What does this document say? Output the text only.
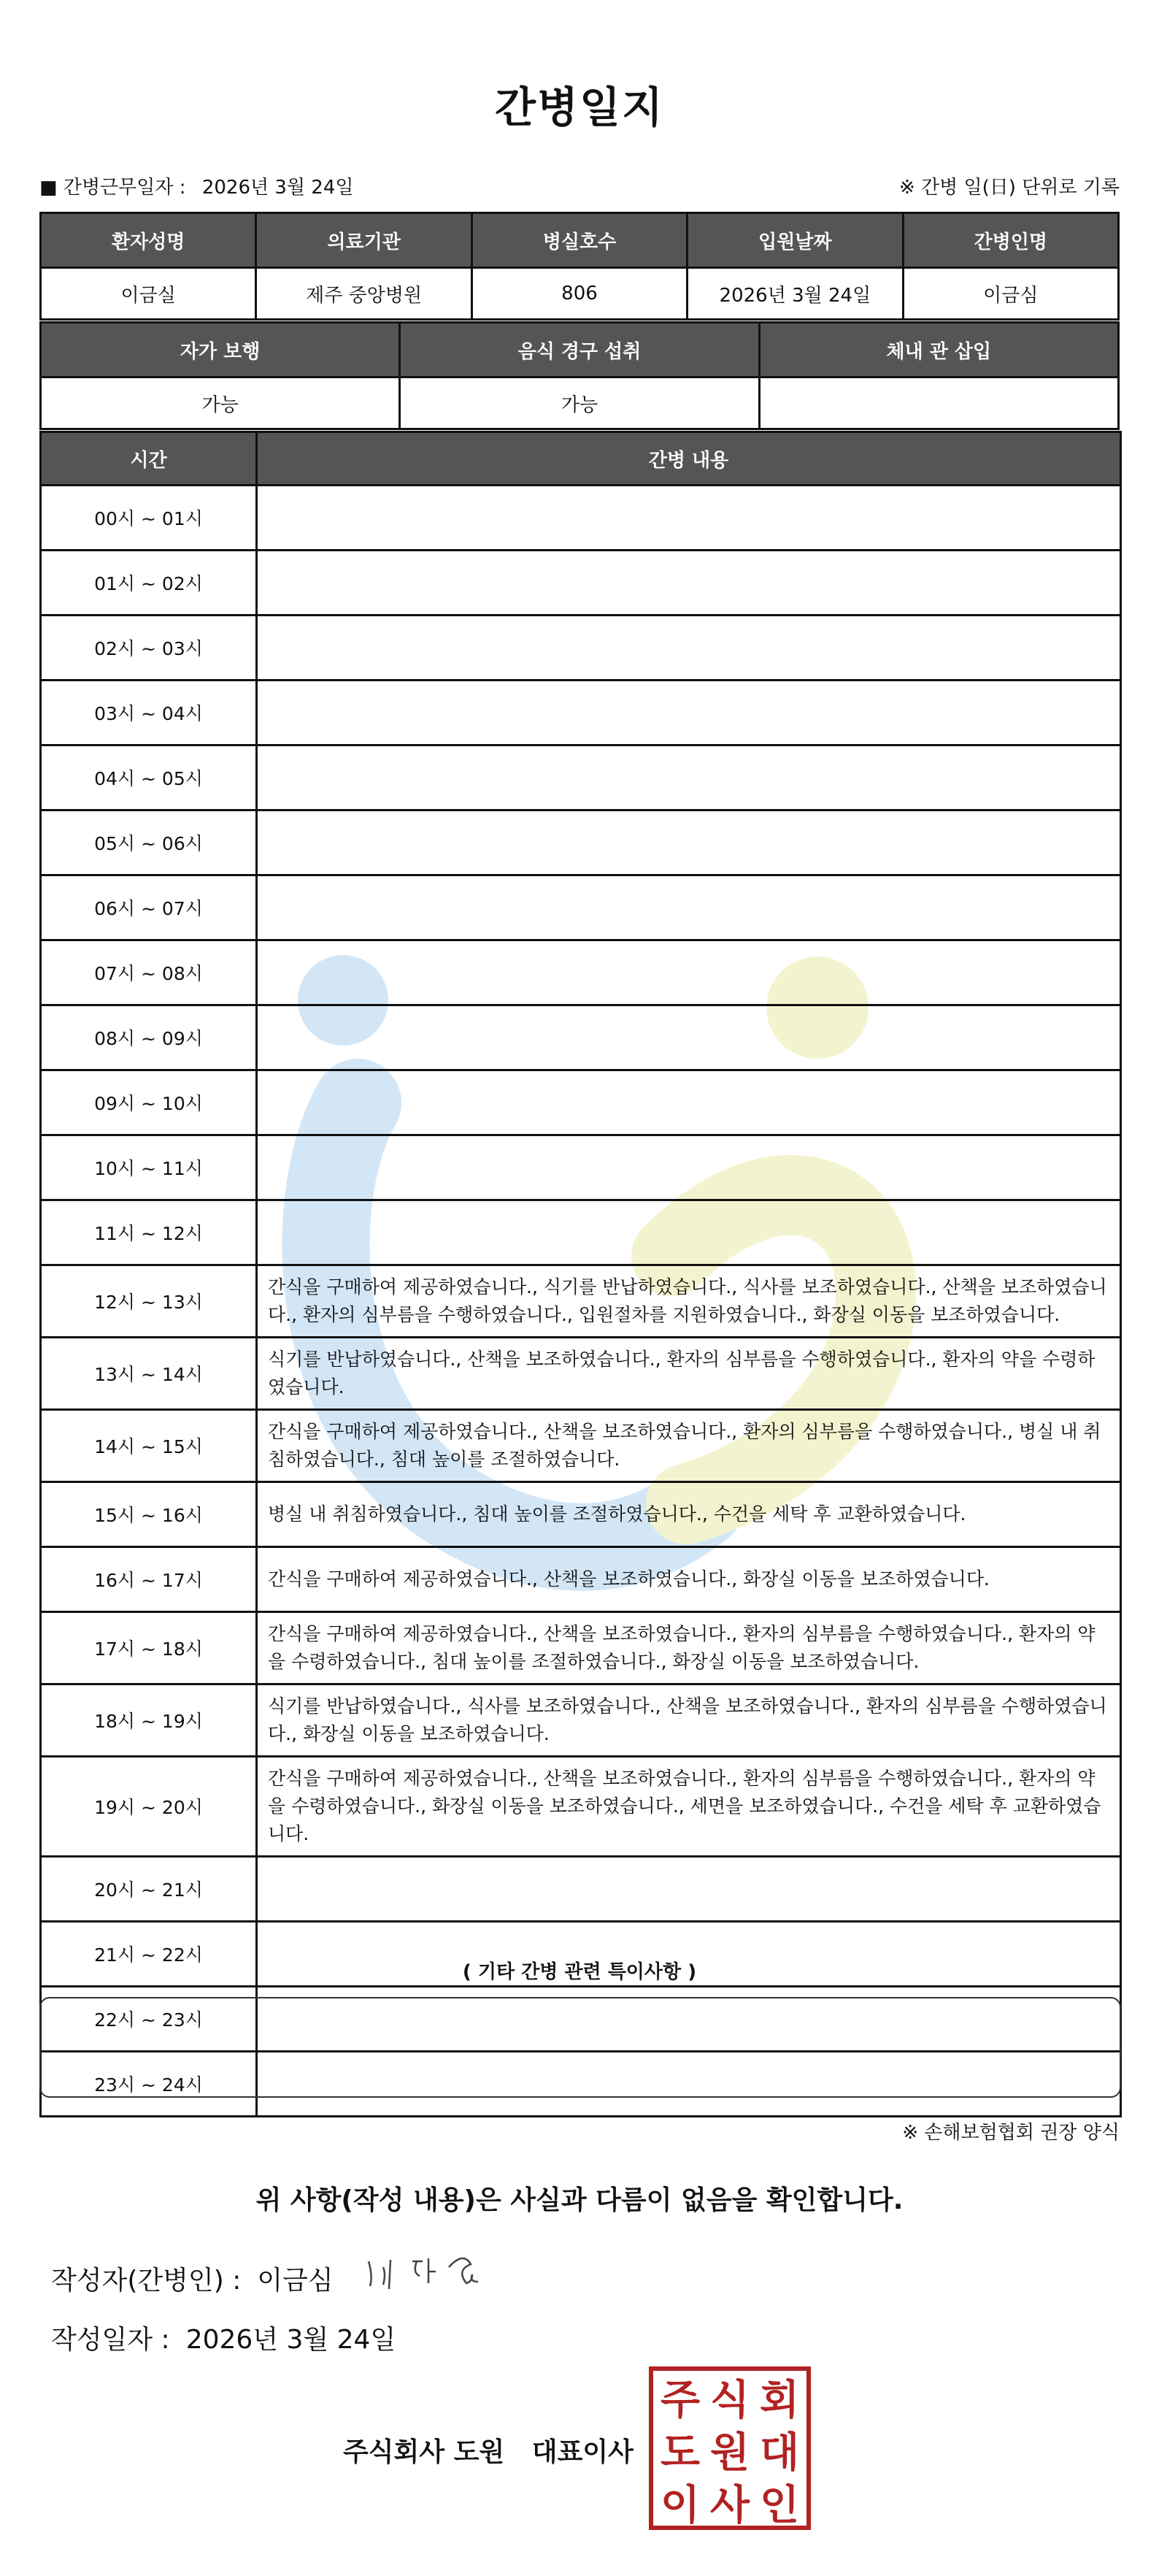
간병일지
■ 간병근무일자 : 2026년 3월 24일	※ 간병 일(日) 단위로 기록
환자성명	의료기관	병실호수	입원날짜	간병인명
이금실	제주 중앙병원	806	2026년 3월 24일	이금심
자가 보행	음식 경구 섭취	체내 관 삽입
가능	가능	
시간	간병 내용
00시 ~ 01시	
01시 ~ 02시	
02시 ~ 03시	
03시 ~ 04시	
04시 ~ 05시	
05시 ~ 06시	
06시 ~ 07시	
07시 ~ 08시	
08시 ~ 09시	
09시 ~ 10시	
10시 ~ 11시	
11시 ~ 12시	
12시 ~ 13시	간식을 구매하여 제공하였습니다., 식기를 반납하였습니다., 식사를 보조하였습니다., 산책을 보조하였습니다., 환자의 심부름을 수행하였습니다., 입원절차를 지원하였습니다., 화장실 이동을 보조하였습니다.
13시 ~ 14시	식기를 반납하였습니다., 산책을 보조하였습니다., 환자의 심부름을 수행하였습니다., 환자의 약을 수령하였습니다.
14시 ~ 15시	간식을 구매하여 제공하였습니다., 산책을 보조하였습니다., 환자의 심부름을 수행하였습니다., 병실 내 취침하였습니다., 침대 높이를 조절하였습니다.
15시 ~ 16시	병실 내 취침하였습니다., 침대 높이를 조절하였습니다., 수건을 세탁 후 교환하였습니다.
16시 ~ 17시	간식을 구매하여 제공하였습니다., 산책을 보조하였습니다., 화장실 이동을 보조하였습니다.
17시 ~ 18시	간식을 구매하여 제공하였습니다., 산책을 보조하였습니다., 환자의 심부름을 수행하였습니다., 환자의 약을 수령하였습니다., 침대 높이를 조절하였습니다., 화장실 이동을 보조하였습니다.
18시 ~ 19시	식기를 반납하였습니다., 식사를 보조하였습니다., 산책을 보조하였습니다., 환자의 심부름을 수행하였습니다., 화장실 이동을 보조하였습니다.
19시 ~ 20시	간식을 구매하여 제공하였습니다., 산책을 보조하였습니다., 환자의 심부름을 수행하였습니다., 환자의 약을 수령하였습니다., 화장실 이동을 보조하였습니다., 세면을 보조하였습니다., 수건을 세탁 후 교환하였습니다.
20시 ~ 21시	
21시 ~ 22시	
22시 ~ 23시	
23시 ~ 24시	
( 기타 간병 관련 특이사항 )
※ 손해보험협회 권장 양식
위 사항(작성 내용)은 사실과 다름이 없음을 확인합니다.
작성자(간병인) : 이금심
작성일자 : 2026년 3월 24일
주식회사 도원   대표이사
주 식 회
도 원 대
이 사 인
